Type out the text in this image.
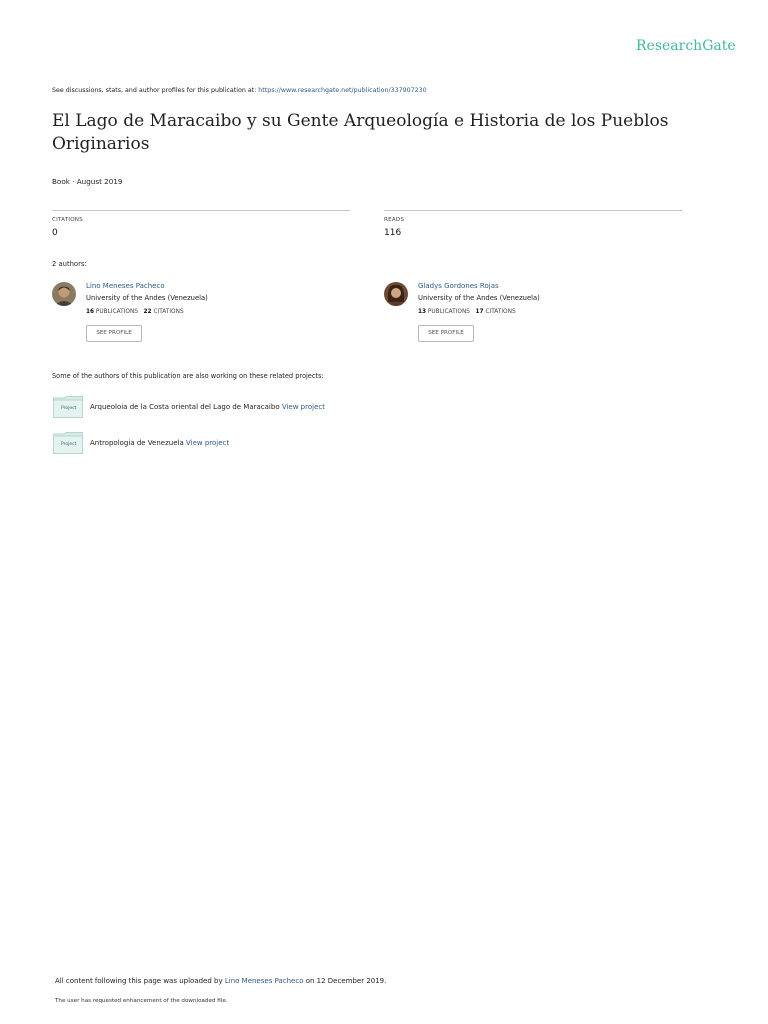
ResearchGate
See discussions, stats, and author profiles for this publication at: https://www.researchgate.net/publication/337907230
El Lago de Maracaibo y su Gente Arqueología e Historia de los Pueblos Originarios
Book · August 2019
CITATIONS
0
READS
116
2 authors:
Lino Meneses Pacheco
University of the Andes (Venezuela)
16 PUBLICATIONS 22 CITATIONS
SEE PROFILE
Gladys Gordones Rojas
University of the Andes (Venezuela)
13 PUBLICATIONS 17 CITATIONS
SEE PROFILE
Some of the authors of this publication are also working on these related projects:
Project Arqueoloia de la Costa oriental del Lago de Maracaibo View project
Project Antropologia de Venezuela View project
All content following this page was uploaded by Lino Meneses Pacheco on 12 December 2019.
The user has requested enhancement of the downloaded file.
